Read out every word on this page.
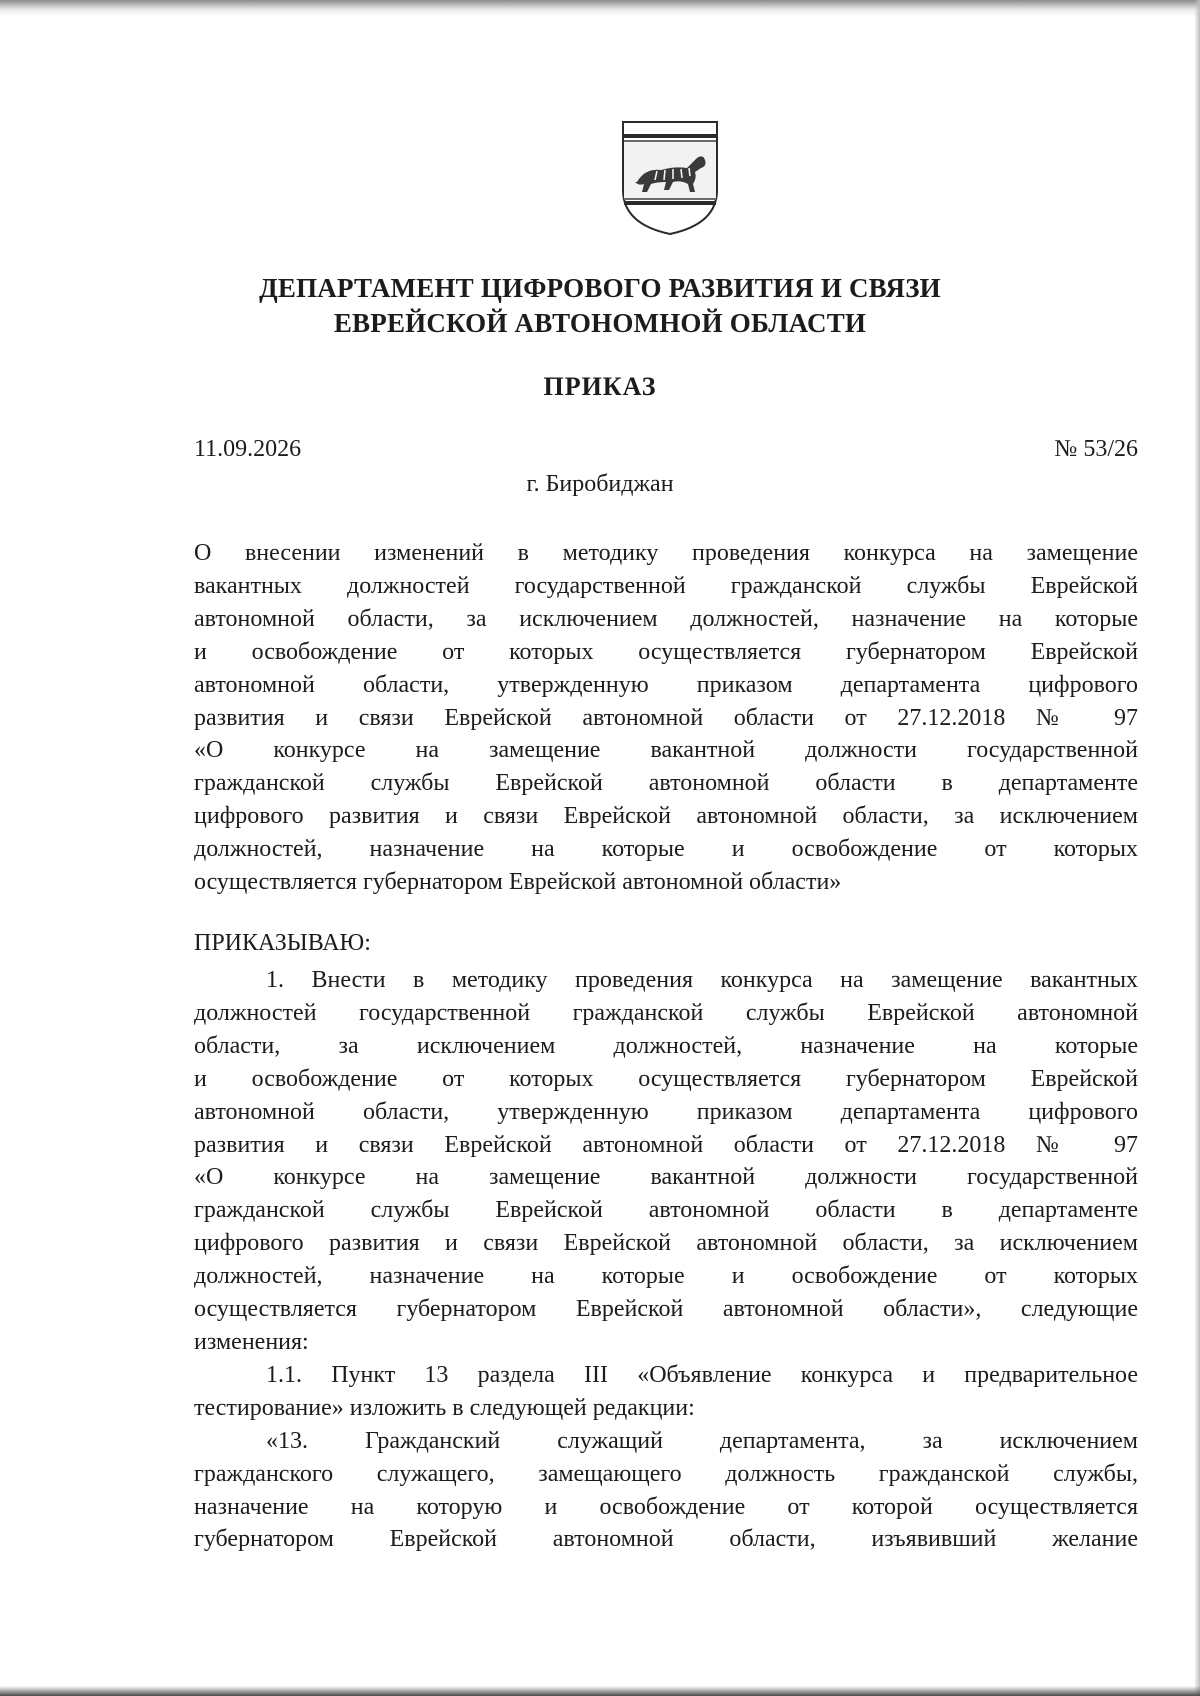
ДЕПАРТАМЕНТ ЦИФРОВОГО РАЗВИТИЯ И СВЯЗИ
ЕВРЕЙСКОЙ АВТОНОМНОЙ ОБЛАСТИ
ПРИКАЗ
11.09.2026	№ 53/26
г. Биробиджан
О внесении изменений в методику проведения конкурса на замещение
вакантных должностей государственной гражданской службы Еврейской
автономной области, за исключением должностей, назначение на которые
и освобождение от которых осуществляется губернатором Еврейской
автономной области, утвержденную приказом департамента цифрового
развития и связи Еврейской автономной области от 27.12.2018 № 97
«О конкурсе на замещение вакантной должности государственной
гражданской службы Еврейской автономной области в департаменте
цифрового развития и связи Еврейской автономной области, за исключением
должностей, назначение на которые и освобождение от которых
осуществляется губернатором Еврейской автономной области»
ПРИКАЗЫВАЮ:
1. Внести в методику проведения конкурса на замещение вакантных
должностей государственной гражданской службы Еврейской автономной
области, за исключением должностей, назначение на которые
и освобождение от которых осуществляется губернатором Еврейской
автономной области, утвержденную приказом департамента цифрового
развития и связи Еврейской автономной области от 27.12.2018 № 97
«О конкурсе на замещение вакантной должности государственной
гражданской службы Еврейской автономной области в департаменте
цифрового развития и связи Еврейской автономной области, за исключением
должностей, назначение на которые и освобождение от которых
осуществляется губернатором Еврейской автономной области», следующие
изменения:
1.1. Пункт 13 раздела III «Объявление конкурса и предварительное
тестирование» изложить в следующей редакции:
«13. Гражданский служащий департамента, за исключением
гражданского служащего, замещающего должность гражданской службы,
назначение на которую и освобождение от которой осуществляется
губернатором Еврейской автономной области, изъявивший желание
